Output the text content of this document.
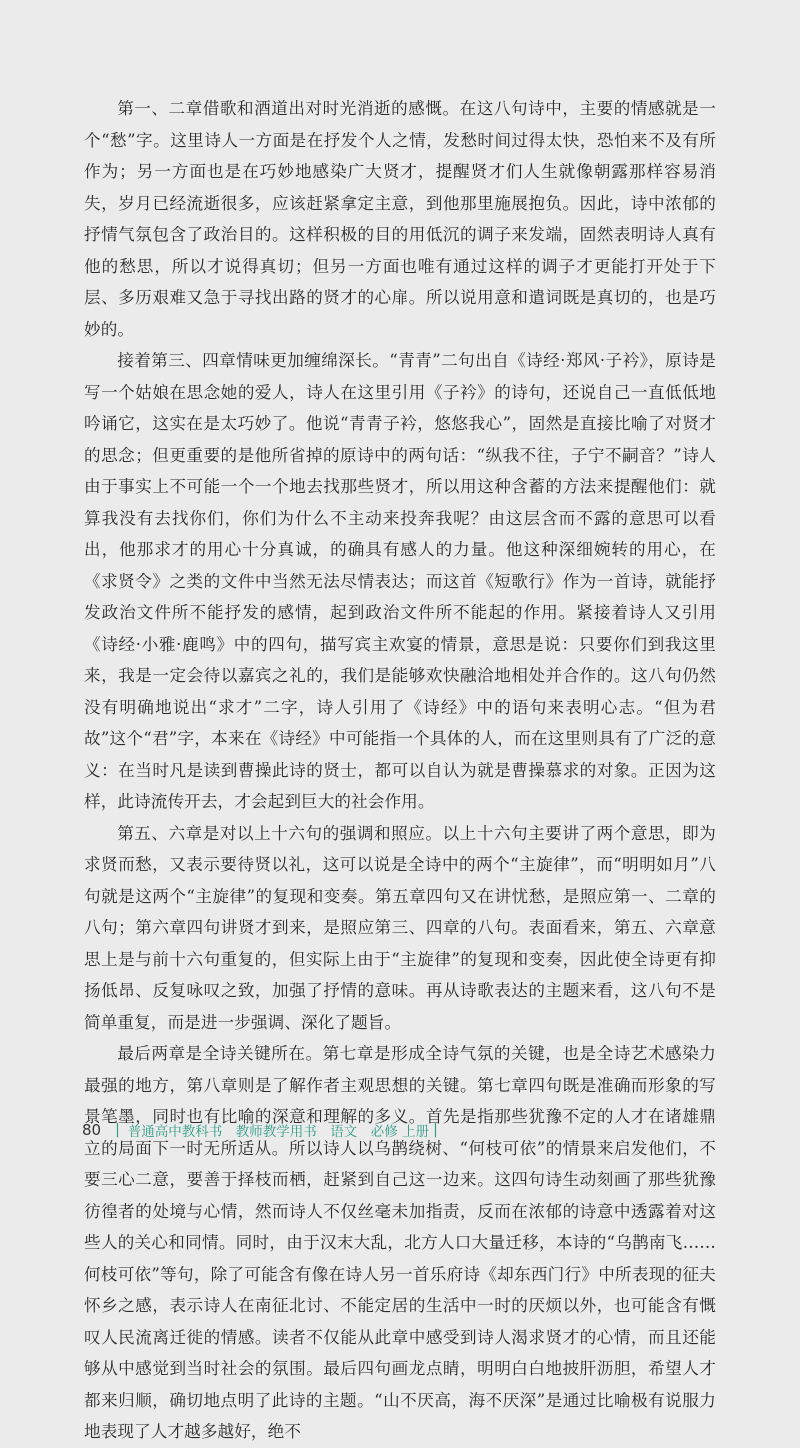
第一、二章借歌和酒道出对时光消逝的感慨。在这八句诗中，主要的情感就是一个“愁”字。这里诗人一方面是在抒发个人之情，发愁时间过得太快，恐怕来不及有所作为；另一方面也是在巧妙地感染广大贤才，提醒贤才们人生就像朝露那样容易消失，岁月已经流逝很多，应该赶紧拿定主意，到他那里施展抱负。因此，诗中浓郁的抒情气氛包含了政治目的。这样积极的目的用低沉的调子来发端，固然表明诗人真有他的愁思，所以才说得真切；但另一方面也唯有通过这样的调子才更能打开处于下层、多历艰难又急于寻找出路的贤才的心扉。所以说用意和遣词既是真切的，也是巧妙的。

接着第三、四章情味更加缠绵深长。“青青”二句出自《诗经·郑风·子衿》，原诗是写一个姑娘在思念她的爱人，诗人在这里引用《子衿》的诗句，还说自己一直低低地吟诵它，这实在是太巧妙了。他说“青青子衿，悠悠我心”，固然是直接比喻了对贤才的思念；但更重要的是他所省掉的原诗中的两句话：“纵我不往，子宁不嗣音？”诗人由于事实上不可能一个一个地去找那些贤才，所以用这种含蓄的方法来提醒他们：就算我没有去找你们，你们为什么不主动来投奔我呢？由这层含而不露的意思可以看出，他那求才的用心十分真诚，的确具有感人的力量。他这种深细婉转的用心，在《求贤令》之类的文件中当然无法尽情表达；而这首《短歌行》作为一首诗，就能抒发政治文件所不能抒发的感情，起到政治文件所不能起的作用。紧接着诗人又引用《诗经·小雅·鹿鸣》中的四句，描写宾主欢宴的情景，意思是说：只要你们到我这里来，我是一定会待以嘉宾之礼的，我们是能够欢快融洽地相处并合作的。这八句仍然没有明确地说出“求才”二字，诗人引用了《诗经》中的语句来表明心志。“但为君故”这个“君”字，本来在《诗经》中可能指一个具体的人，而在这里则具有了广泛的意义：在当时凡是读到曹操此诗的贤士，都可以自认为就是曹操慕求的对象。正因为这样，此诗流传开去，才会起到巨大的社会作用。

第五、六章是对以上十六句的强调和照应。以上十六句主要讲了两个意思，即为求贤而愁，又表示要待贤以礼，这可以说是全诗中的两个“主旋律”，而“明明如月”八句就是这两个“主旋律”的复现和变奏。第五章四句又在讲忧愁，是照应第一、二章的八句；第六章四句讲贤才到来，是照应第三、四章的八句。表面看来，第五、六章意思上是与前十六句重复的，但实际上由于“主旋律”的复现和变奏，因此使全诗更有抑扬低昂、反复咏叹之致，加强了抒情的意味。再从诗歌表达的主题来看，这八句不是简单重复，而是进一步强调、深化了题旨。

最后两章是全诗关键所在。第七章是形成全诗气氛的关键，也是全诗艺术感染力最强的地方，第八章则是了解作者主观思想的关键。第七章四句既是准确而形象的写景笔墨，同时也有比喻的深意和理解的多义。首先是指那些犹豫不定的人才在诸雄鼎立的局面下一时无所适从。所以诗人以乌鹊绕树、“何枝可依”的情景来启发他们，不要三心二意，要善于择枝而栖，赶紧到自己这一边来。这四句诗生动刻画了那些犹豫彷徨者的处境与心情，然而诗人不仅丝毫未加指责，反而在浓郁的诗意中透露着对这些人的关心和同情。同时，由于汉末大乱，北方人口大量迁移，本诗的“乌鹊南飞……何枝可依”等句，除了可能含有像在诗人另一首乐府诗《却东西门行》中所表现的征夫怀乡之感，表示诗人在南征北讨、不能定居的生活中一时的厌烦以外，也可能含有慨叹人民流离迁徙的情感。读者不仅能从此章中感受到诗人渴求贤才的心情，而且还能够从中感觉到当时社会的氛围。最后四句画龙点睛，明明白白地披肝沥胆，希望人才都来归顺，确切地点明了此诗的主题。“山不厌高，海不厌深”是通过比喻极有说服力地表现了人才越多越好，绝不

80 | 普通高中教科书　教师教学用书　语文　必修 上册 |
